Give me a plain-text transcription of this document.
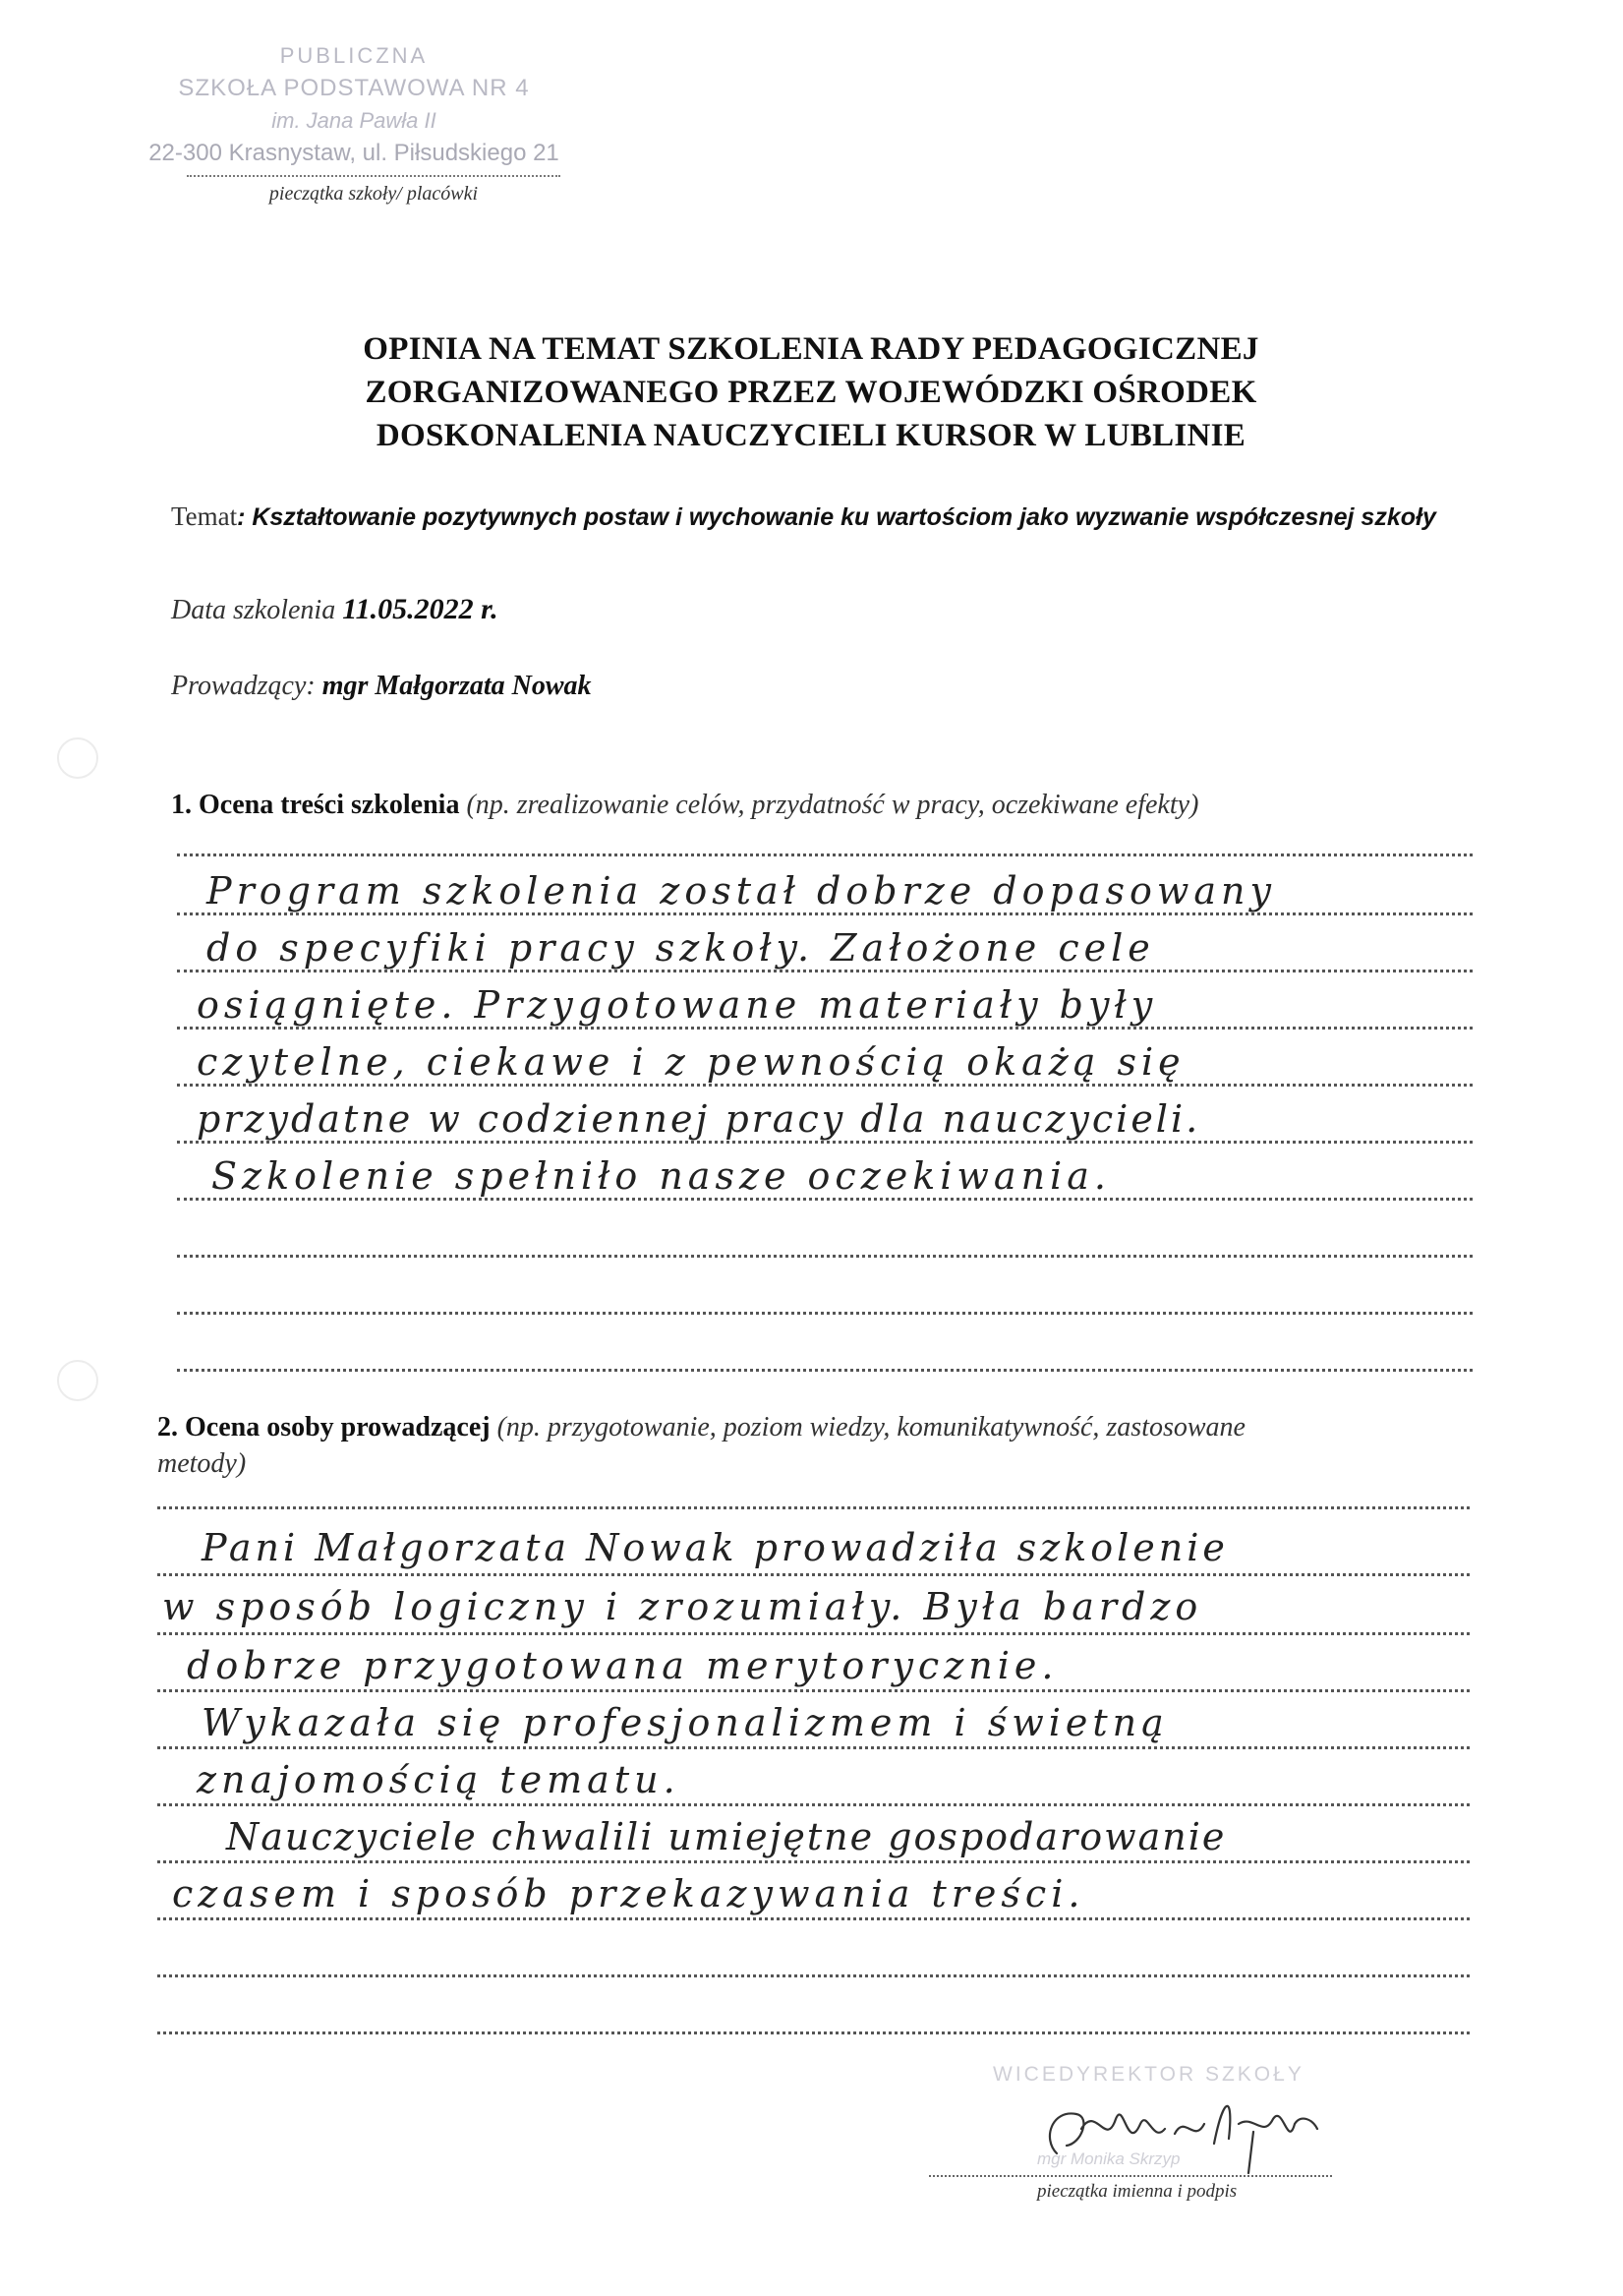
PUBLICZNA
SZKOŁA PODSTAWOWA NR 4
im. Jana Pawła II
22-300 Krasnystaw, ul. Piłsudskiego 21
pieczątka szkoły/ placówki
OPINIA NA TEMAT SZKOLENIA RADY PEDAGOGICZNEJ
ZORGANIZOWANEGO PRZEZ WOJEWÓDZKI OŚRODEK
DOSKONALENIA NAUCZYCIELI KURSOR W LUBLINIE
Temat: Kształtowanie pozytywnych postaw i wychowanie ku wartościom jako wyzwanie współczesnej szkoły
Data szkolenia 11.05.2022 r.
Prowadzący: mgr Małgorzata Nowak
1. Ocena treści szkolenia (np. zrealizowanie celów, przydatność w pracy, oczekiwane efekty)
Program szkolenia został dobrze dopasowany
do specyfiki pracy szkoły. Założone cele
osiągnięte. Przygotowane materiały były
czytelne, ciekawe i z pewnością okażą się
przydatne w codziennej pracy dla nauczycieli.
Szkolenie spełniło nasze oczekiwania.
2. Ocena osoby prowadzącej (np. przygotowanie, poziom wiedzy, komunikatywność, zastosowane
metody)
Pani Małgorzata Nowak prowadziła szkolenie
w sposób logiczny i zrozumiały. Była bardzo
dobrze przygotowana merytorycznie.
Wykazała się profesjonalizmem i świetną
znajomością tematu.
Nauczyciele chwalili umiejętne gospodarowanie
czasem i sposób przekazywania treści.
WICEDYREKTOR SZKOŁY
mgr Monika Skrzyp
pieczątka imienna i podpis
